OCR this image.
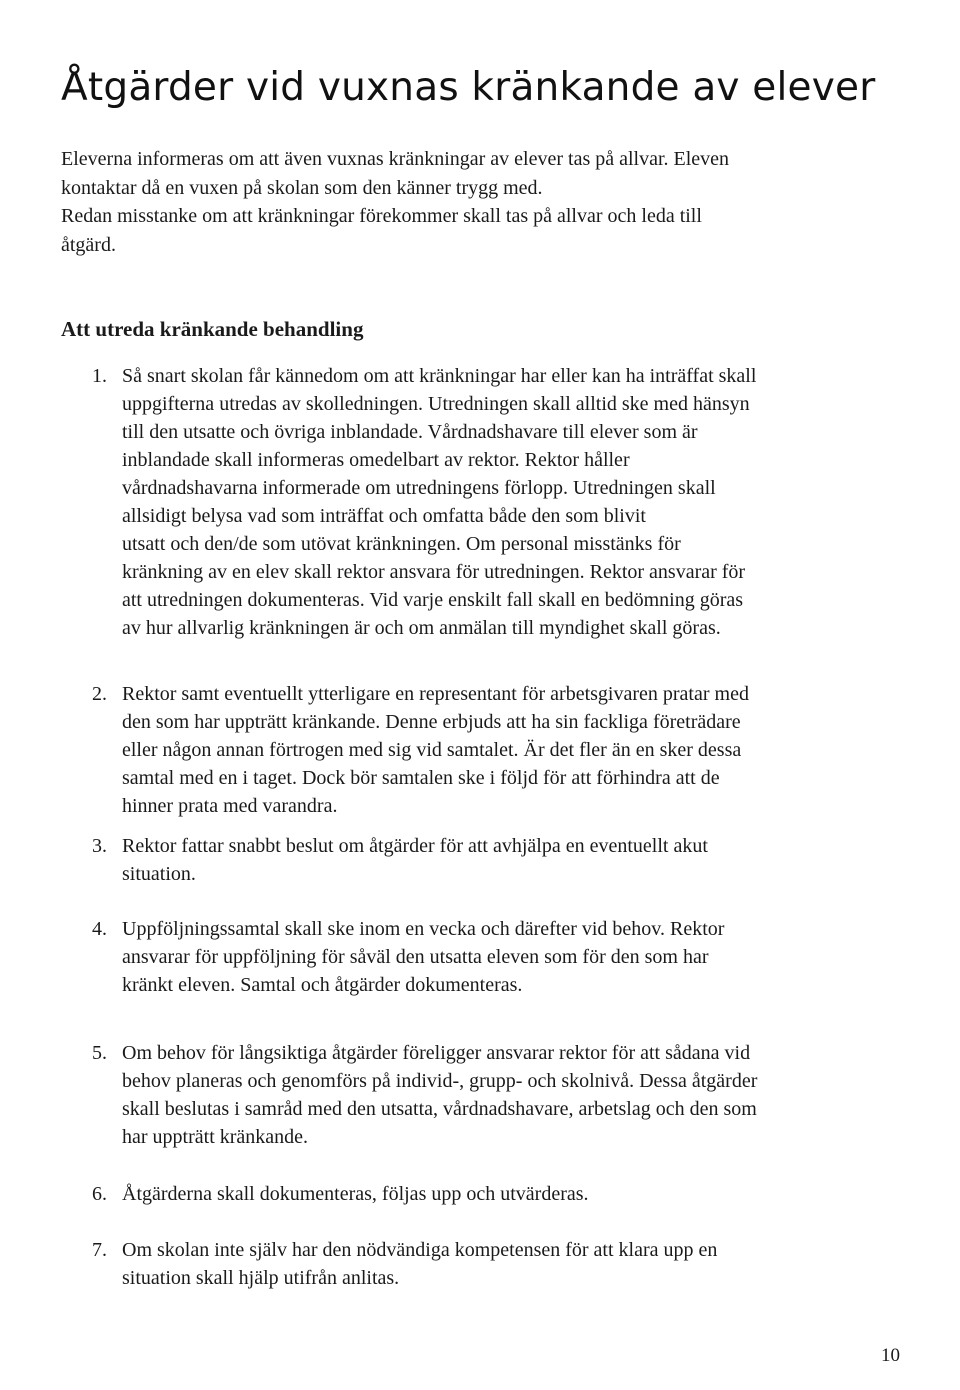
Åtgärder vid vuxnas kränkande av elever

Eleverna informeras om att även vuxnas kränkningar av elever tas på allvar. Eleven
kontaktar då en vuxen på skolan som den känner trygg med.
Redan misstanke om att kränkningar förekommer skall tas på allvar och leda till
åtgärd.

Att utreda kränkande behandling
1. Så snart skolan får kännedom om att kränkningar har eller kan ha inträffat skall
uppgifterna utredas av skolledningen. Utredningen skall alltid ske med hänsyn
till den utsatte och övriga inblandade. Vårdnadshavare till elever som är
inblandade skall informeras omedelbart av rektor. Rektor håller
vårdnadshavarna informerade om utredningens förlopp. Utredningen skall
allsidigt belysa vad som inträffat och omfatta både den som blivit
utsatt och den/de som utövat kränkningen. Om personal misstänks för
kränkning av en elev skall rektor ansvara för utredningen. Rektor ansvarar för
att utredningen dokumenteras. Vid varje enskilt fall skall en bedömning göras
av hur allvarlig kränkningen är och om anmälan till myndighet skall göras.
2. Rektor samt eventuellt ytterligare en representant för arbetsgivaren pratar med
den som har uppträtt kränkande. Denne erbjuds att ha sin fackliga företrädare
eller någon annan förtrogen med sig vid samtalet. Är det fler än en sker dessa
samtal med en i taget. Dock bör samtalen ske i följd för att förhindra att de
hinner prata med varandra.
3. Rektor fattar snabbt beslut om åtgärder för att avhjälpa en eventuellt akut
situation.
4. Uppföljningssamtal skall ske inom en vecka och därefter vid behov. Rektor
ansvarar för uppföljning för såväl den utsatta eleven som för den som har
kränkt eleven. Samtal och åtgärder dokumenteras.
5. Om behov för långsiktiga åtgärder föreligger ansvarar rektor för att sådana vid
behov planeras och genomförs på individ-, grupp- och skolnivå. Dessa åtgärder
skall beslutas i samråd med den utsatta, vårdnadshavare, arbetslag och den som
har uppträtt kränkande.
6. Åtgärderna skall dokumenteras, följas upp och utvärderas.
7. Om skolan inte själv har den nödvändiga kompetensen för att klara upp en
situation skall hjälp utifrån anlitas.
10
